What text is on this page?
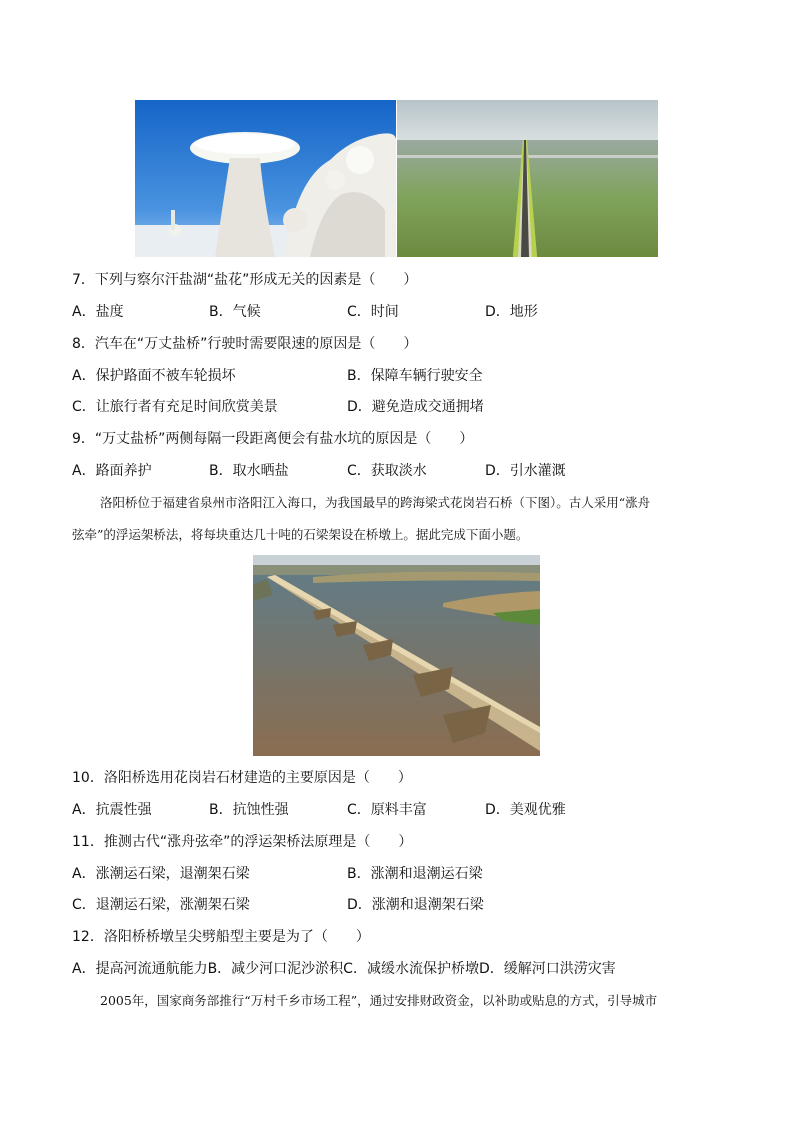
7．下列与察尔汗盐湖“盐花”形成无关的因素是（　　）
A．盐度	B．气候	C．时间	D．地形
8．汽车在“万丈盐桥”行驶时需要限速的原因是（　　）
A．保护路面不被车轮损坏	B．保障车辆行驶安全
C．让旅行者有充足时间欣赏美景	D．避免造成交通拥堵
9．“万丈盐桥”两侧每隔一段距离便会有盐水坑的原因是（　　）
A．路面养护	B．取水晒盐	C．获取淡水	D．引水灌溉
洛阳桥位于福建省泉州市洛阳江入海口，为我国最早的跨海梁式花岗岩石桥（下图）。古人采用“涨舟
弦牵”的浮运架桥法，将每块重达几十吨的石梁架设在桥墩上。据此完成下面小题。
10．洛阳桥选用花岗岩石材建造的主要原因是（　　）
A．抗震性强	B．抗蚀性强	C．原料丰富	D．美观优雅
11．推测古代“涨舟弦牵”的浮运架桥法原理是（　　）
A．涨潮运石梁，退潮架石梁	B．涨潮和退潮运石梁
C．退潮运石梁，涨潮架石梁	D．涨潮和退潮架石梁
12．洛阳桥桥墩呈尖劈船型主要是为了（　　）
A．提高河流通航能力B．减少河口泥沙淤积C．减缓水流保护桥墩D．缓解河口洪涝灾害
2005年，国家商务部推行“万村千乡市场工程”，通过安排财政资金，以补助或贴息的方式，引导城市
